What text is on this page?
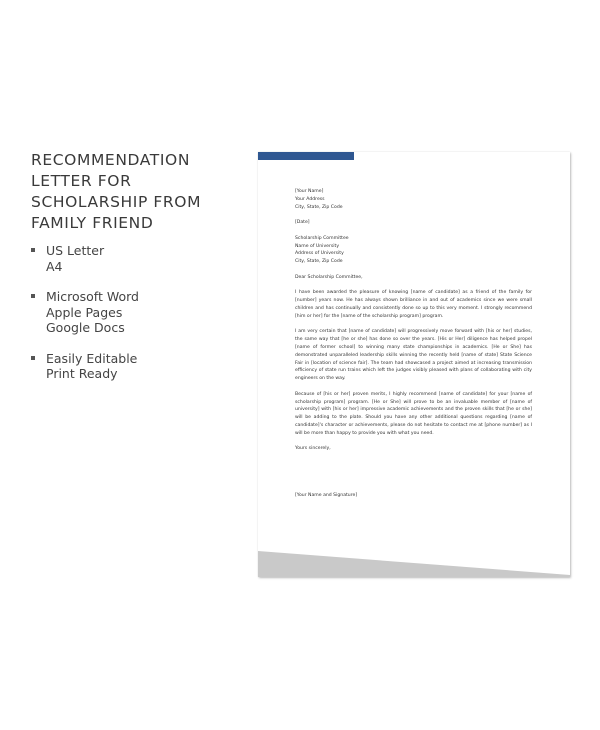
RECOMMENDATION LETTER FOR SCHOLARSHIP FROM FAMILY FRIEND
US Letter
A4
Microsoft Word
Apple Pages
Google Docs
Easily Editable
Print Ready
[Your Name]
Your Address
City, State, Zip Code
[Date]
Scholarship Committee
Name of University
Address of University
City, State, Zip Code
Dear Scholarship Committee,

I have been awarded the pleasure of knowing [name of candidate] as a friend of the family for [number] years now. He has always shown brilliance in and out of academics since we were small children and has continually and consistently done so up to this very moment. I strongly recommend [him or her] for the [name of the scholarship program] program.

I am very certain that [name of candidate] will progressively move forward with [his or her] studies, the same way that [he or she] has done so over the years. [His or Her] diligence has helped propel [name of former school] to winning many state championships in academics. [He or She] has demonstrated unparalleled leadership skills winning the recently held [name of state] State Science Fair in [location of science fair]. The team had showcased a project aimed at increasing transmission efficiency of state run trains which left the judges visibly pleased with plans of collaborating with city engineers on the way.

Because of [his or her] proven merits, I highly recommend [name of candidate] for your [name of scholarship program] program. [He or She] will prove to be an invaluable member of [name of university] with [his or her] impressive academic achievements and the proven skills that [he or she] will be adding to the plate. Should you have any other additional questions regarding [name of candidate]'s character or achievements, please do not hesitate to contact me at [phone number] as I will be more than happy to provide you with what you need.

Yours sincerely,
[Your Name and Signature]
